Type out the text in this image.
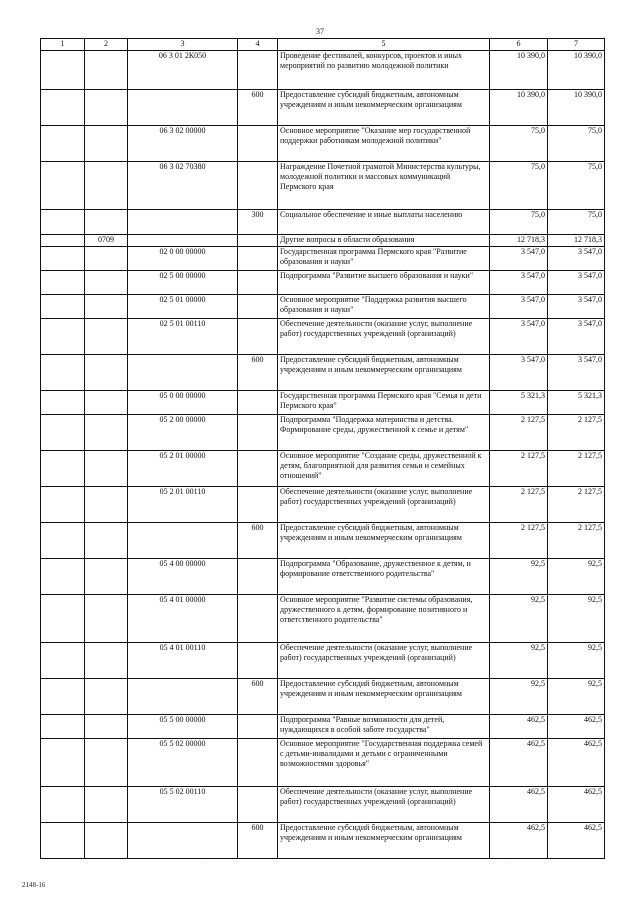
37
1	2	3	4	5	6	7
		06 3 01 2К050		Проведение фестивалей, конкурсов, проектов и иных мероприятий по развитию молодежной политики	10 390,0	10 390,0
			600	Предоставление субсидий бюджетным, автономным учреждениям и иным некоммерческим организациям	10 390,0	10 390,0
		06 3 02 00000		Основное мероприятие "Оказание мер государственной поддержки работникам молодежной политики"	75,0	75,0
		06 3 02 70380		Награждение Почетной грамотой Министерства культуры, молодежной политики и массовых коммуникаций Пермского края	75,0	75,0
			300	Социальное обеспечение и иные выплаты населению	75,0	75,0
	0709			Другие вопросы в области образования	12 718,3	12 718,3
		02 0 00 00000		Государственная программа Пермского края "Развитие образования и науки"	3 547,0	3 547,0
		02 5 00 00000		Подпрограмма "Развитие высшего образования и науки"	3 547,0	3 547,0
		02 5 01 00000		Основное мероприятие "Поддержка развития высшего образования и науки"	3 547,0	3 547,0
		02 5 01 00110		Обеспечение деятельности (оказание услуг, выполнение работ) государственных учреждений (организаций)	3 547,0	3 547,0
			600	Предоставление субсидий бюджетным, автономным учреждениям и иным некоммерческим организациям	3 547,0	3 547,0
		05 0 00 00000		Государственная программа Пермского края "Семья и дети Пермского края"	5 321,3	5 321,3
		05 2 00 00000		Подпрограмма "Поддержка материнства и детства. Формирование среды, дружественной к семье и детям"	2 127,5	2 127,5
		05 2 01 00000		Основное мероприятие "Создание среды, дружественной к детям, благоприятной для развития семьи и семейных отношений"	2 127,5	2 127,5
		05 2 01 00110		Обеспечение деятельности (оказание услуг, выполнение работ) государственных учреждений (организаций)	2 127,5	2 127,5
			600	Предоставление субсидий бюджетным, автономным учреждениям и иным некоммерческим организациям	2 127,5	2 127,5
		05 4 00 00000		Подпрограмма "Образование, дружественное к детям, и формирование ответственного родительства"	92,5	92,5
		05 4 01 00000		Основное мероприятие "Развитие системы образования, дружественного к детям, формирование позитивного и ответственного родительства"	92,5	92,5
		05 4 01 00110		Обеспечение деятельности (оказание услуг, выполнение работ) государственных учреждений (организаций)	92,5	92,5
			600	Предоставление субсидий бюджетным, автономным учреждениям и иным некоммерческим организациям	92,5	92,5
		05 5 00 00000		Подпрограмма "Равные возможности для детей, нуждающихся в особой заботе государства"	462,5	462,5
		05 5 02 00000		Основное мероприятие "Государственная поддержка семей с детьми-инвалидами и детьми с ограниченными возможностями здоровья"	462,5	462,5
		05 5 02 00110		Обеспечение деятельности (оказание услуг, выполнение работ) государственных учреждений (организаций)	462,5	462,5
			600	Предоставление субсидий бюджетным, автономным учреждениям и иным некоммерческим организациям	462,5	462,5
2148-16
· ·	· ·	·
